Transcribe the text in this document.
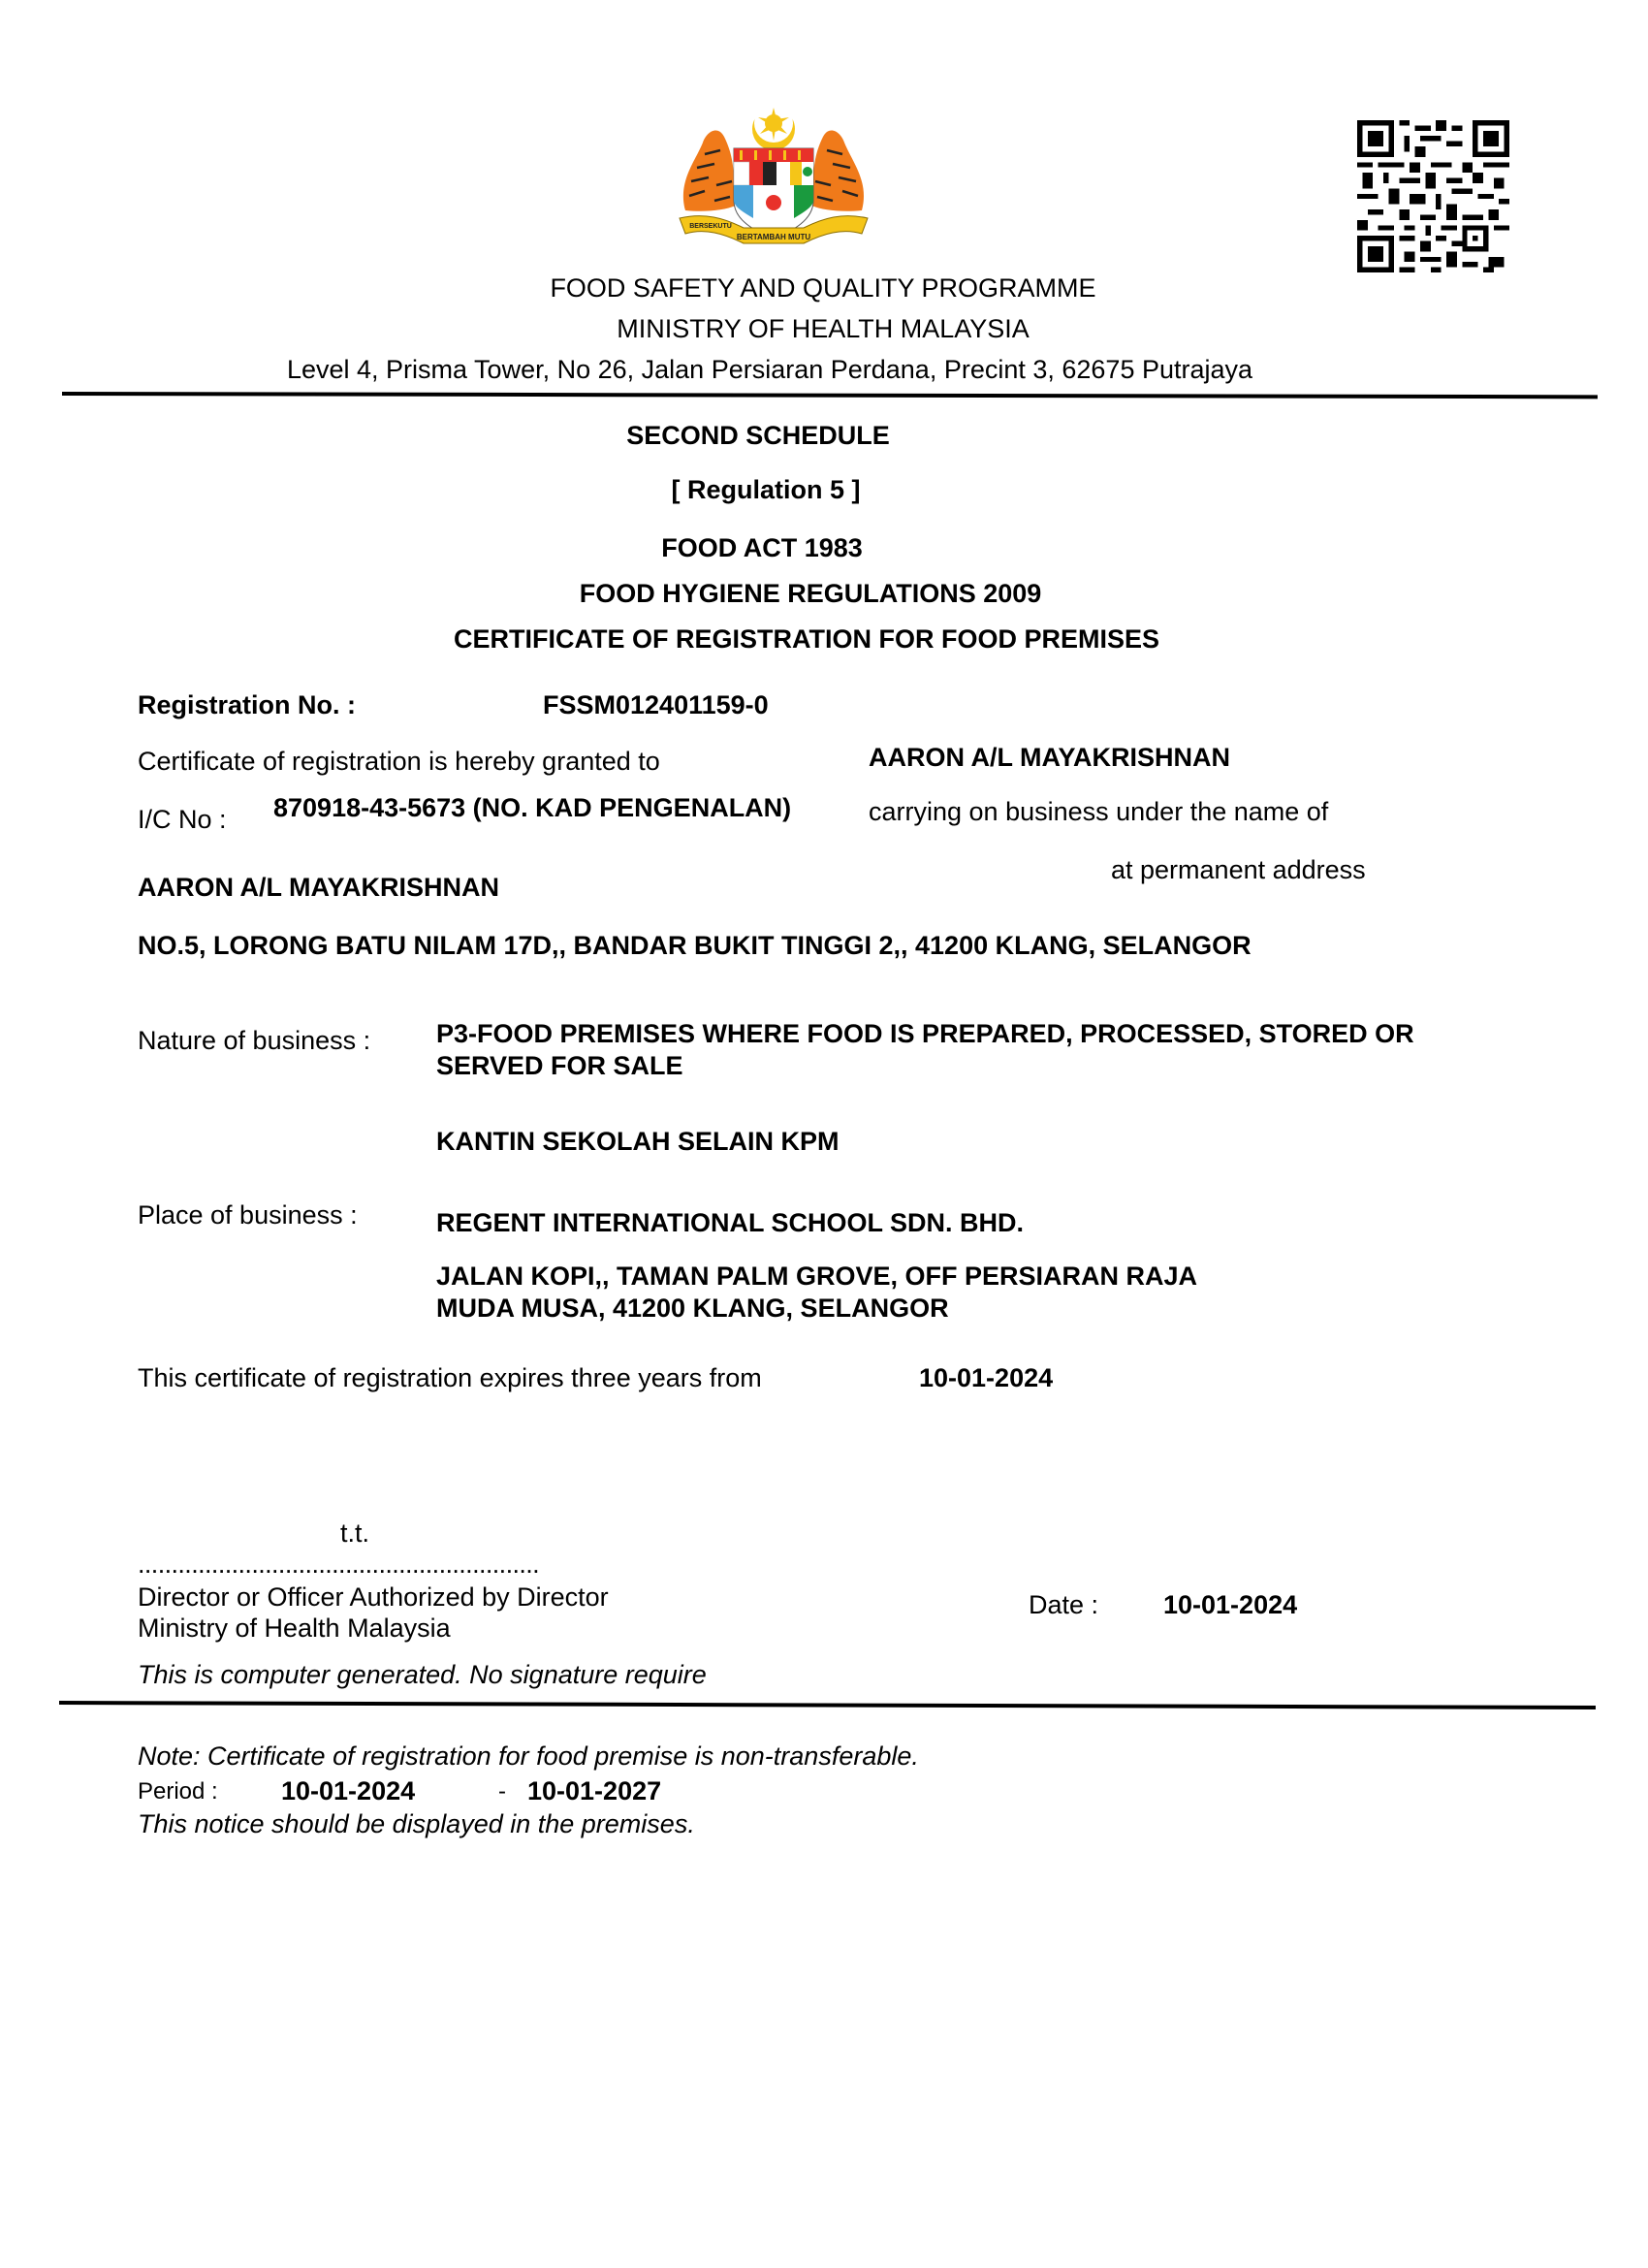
BERTAMBAH MUTU
BERSEKUTU
FOOD SAFETY AND QUALITY PROGRAMME
MINISTRY OF HEALTH MALAYSIA
Level 4, Prisma Tower, No 26, Jalan Persiaran Perdana, Precint 3, 62675 Putrajaya
SECOND SCHEDULE
[ Regulation 5 ]
FOOD ACT 1983
FOOD HYGIENE REGULATIONS 2009
CERTIFICATE OF REGISTRATION FOR FOOD PREMISES
Registration No. :	FSSM012401159-0
Certificate of registration is hereby granted to	AARON A/L MAYAKRISHNAN
I/C No : 870918-43-5673 (NO. KAD PENGENALAN)	carrying on business under the name of
at permanent address
AARON A/L MAYAKRISHNAN
NO.5, LORONG BATU NILAM 17D,, BANDAR BUKIT TINGGI 2,, 41200 KLANG, SELANGOR
Nature of business :	P3-FOOD PREMISES WHERE FOOD IS PREPARED, PROCESSED, STORED OR SERVED FOR SALE
KANTIN SEKOLAH SELAIN KPM
Place of business :	REGENT INTERNATIONAL SCHOOL SDN. BHD.
JALAN KOPI,, TAMAN PALM GROVE, OFF PERSIARAN RAJA MUDA MUSA, 41200 KLANG, SELANGOR
This certificate of registration expires three years from	10-01-2024
t.t.
............................................................
Director or Officer Authorized by Director
Ministry of Health Malaysia
This is computer generated. No signature require
Date : 10-01-2024
Note: Certificate of registration for food premise is non-transferable.
Period : 10-01-2024	- 10-01-2027
This notice should be displayed in the premises.
